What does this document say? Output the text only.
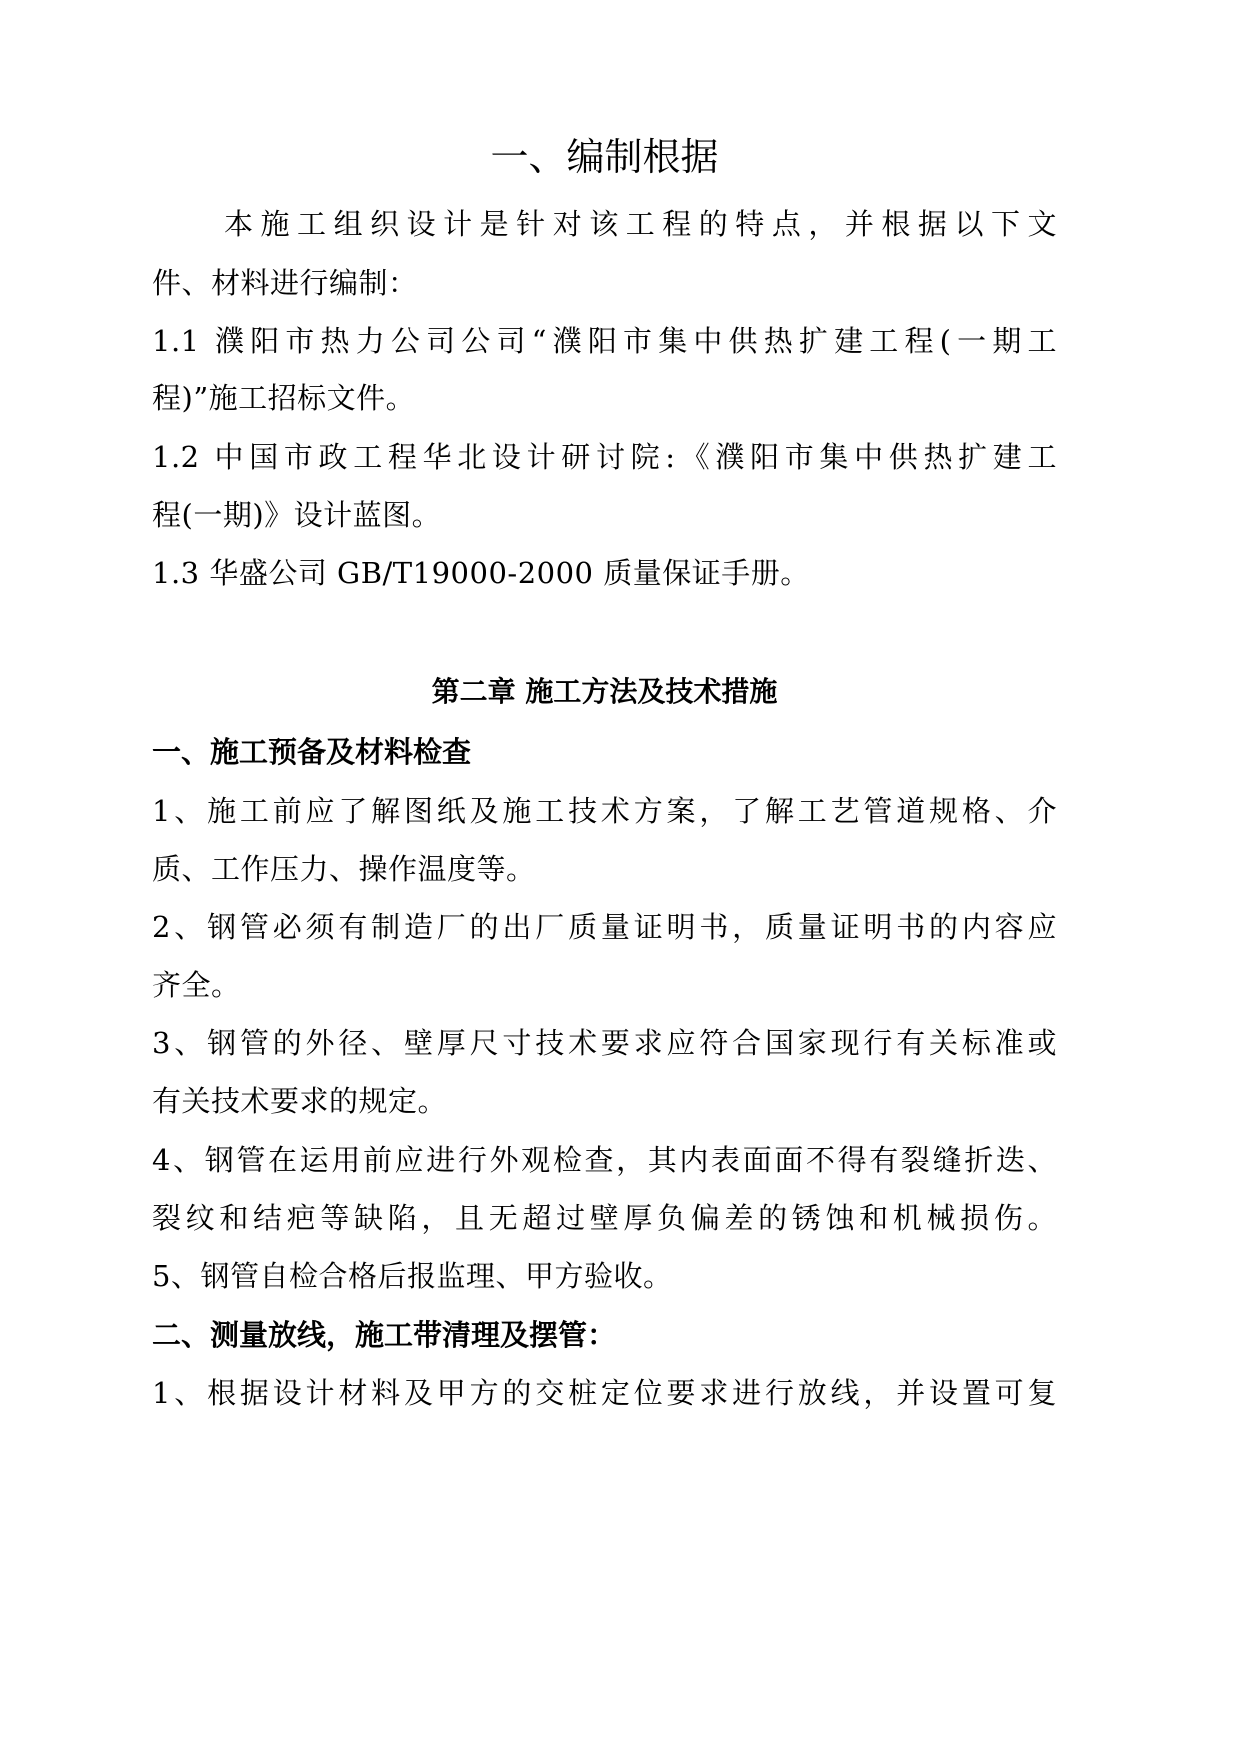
一、编制根据
本施工组织设计是针对该工程的特点，并根据以下文
件、材料进行编制：
1.1 濮阳市热力公司公司“濮阳市集中供热扩建工程(一期工
程)”施工招标文件。
1.2 中国市政工程华北设计研讨院:《濮阳市集中供热扩建工
程(一期)》设计蓝图。
1.3 华盛公司 GB/T19000-2000 质量保证手册。
第二章 施工方法及技术措施
一、施工预备及材料检查
1、施工前应了解图纸及施工技术方案，了解工艺管道规格、介
质、工作压力、操作温度等。
2、钢管必须有制造厂的出厂质量证明书，质量证明书的内容应
齐全。
3、钢管的外径、壁厚尺寸技术要求应符合国家现行有关标准或
有关技术要求的规定。
4、钢管在运用前应进行外观检查，其内表面面不得有裂缝折迭、
裂纹和结疤等缺陷，且无超过壁厚负偏差的锈蚀和机械损伤。
5、钢管自检合格后报监理、甲方验收。
二、测量放线，施工带清理及摆管：
1、根据设计材料及甲方的交桩定位要求进行放线，并设置可复
